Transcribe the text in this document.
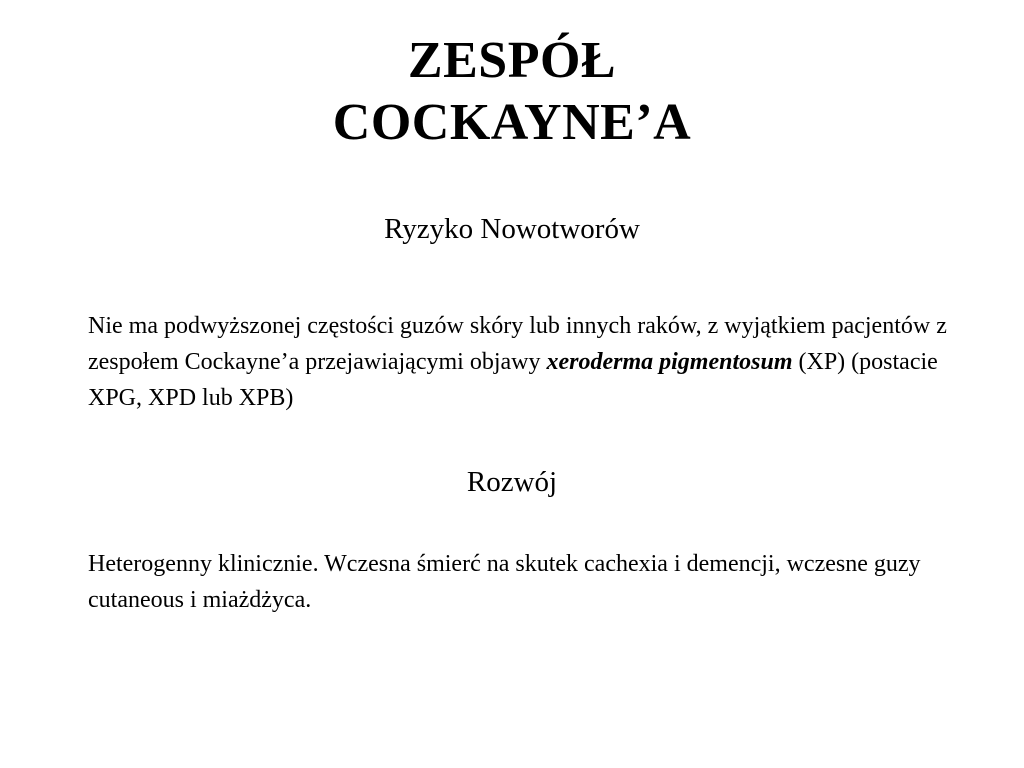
ZESPÓŁ
COCKAYNE’A
Ryzyko Nowotworów
Nie ma podwyższonej częstości guzów skóry lub innych raków, z wyjątkiem pacjentów z zespołem Cockayne’a przejawiającymi objawy xeroderma pigmentosum (XP) (postacie XPG, XPD lub XPB)
Rozwój
Heterogenny klinicznie. Wczesna śmierć na skutek cachexia i demencji, wczesne guzy cutaneous i miażdżyca.
